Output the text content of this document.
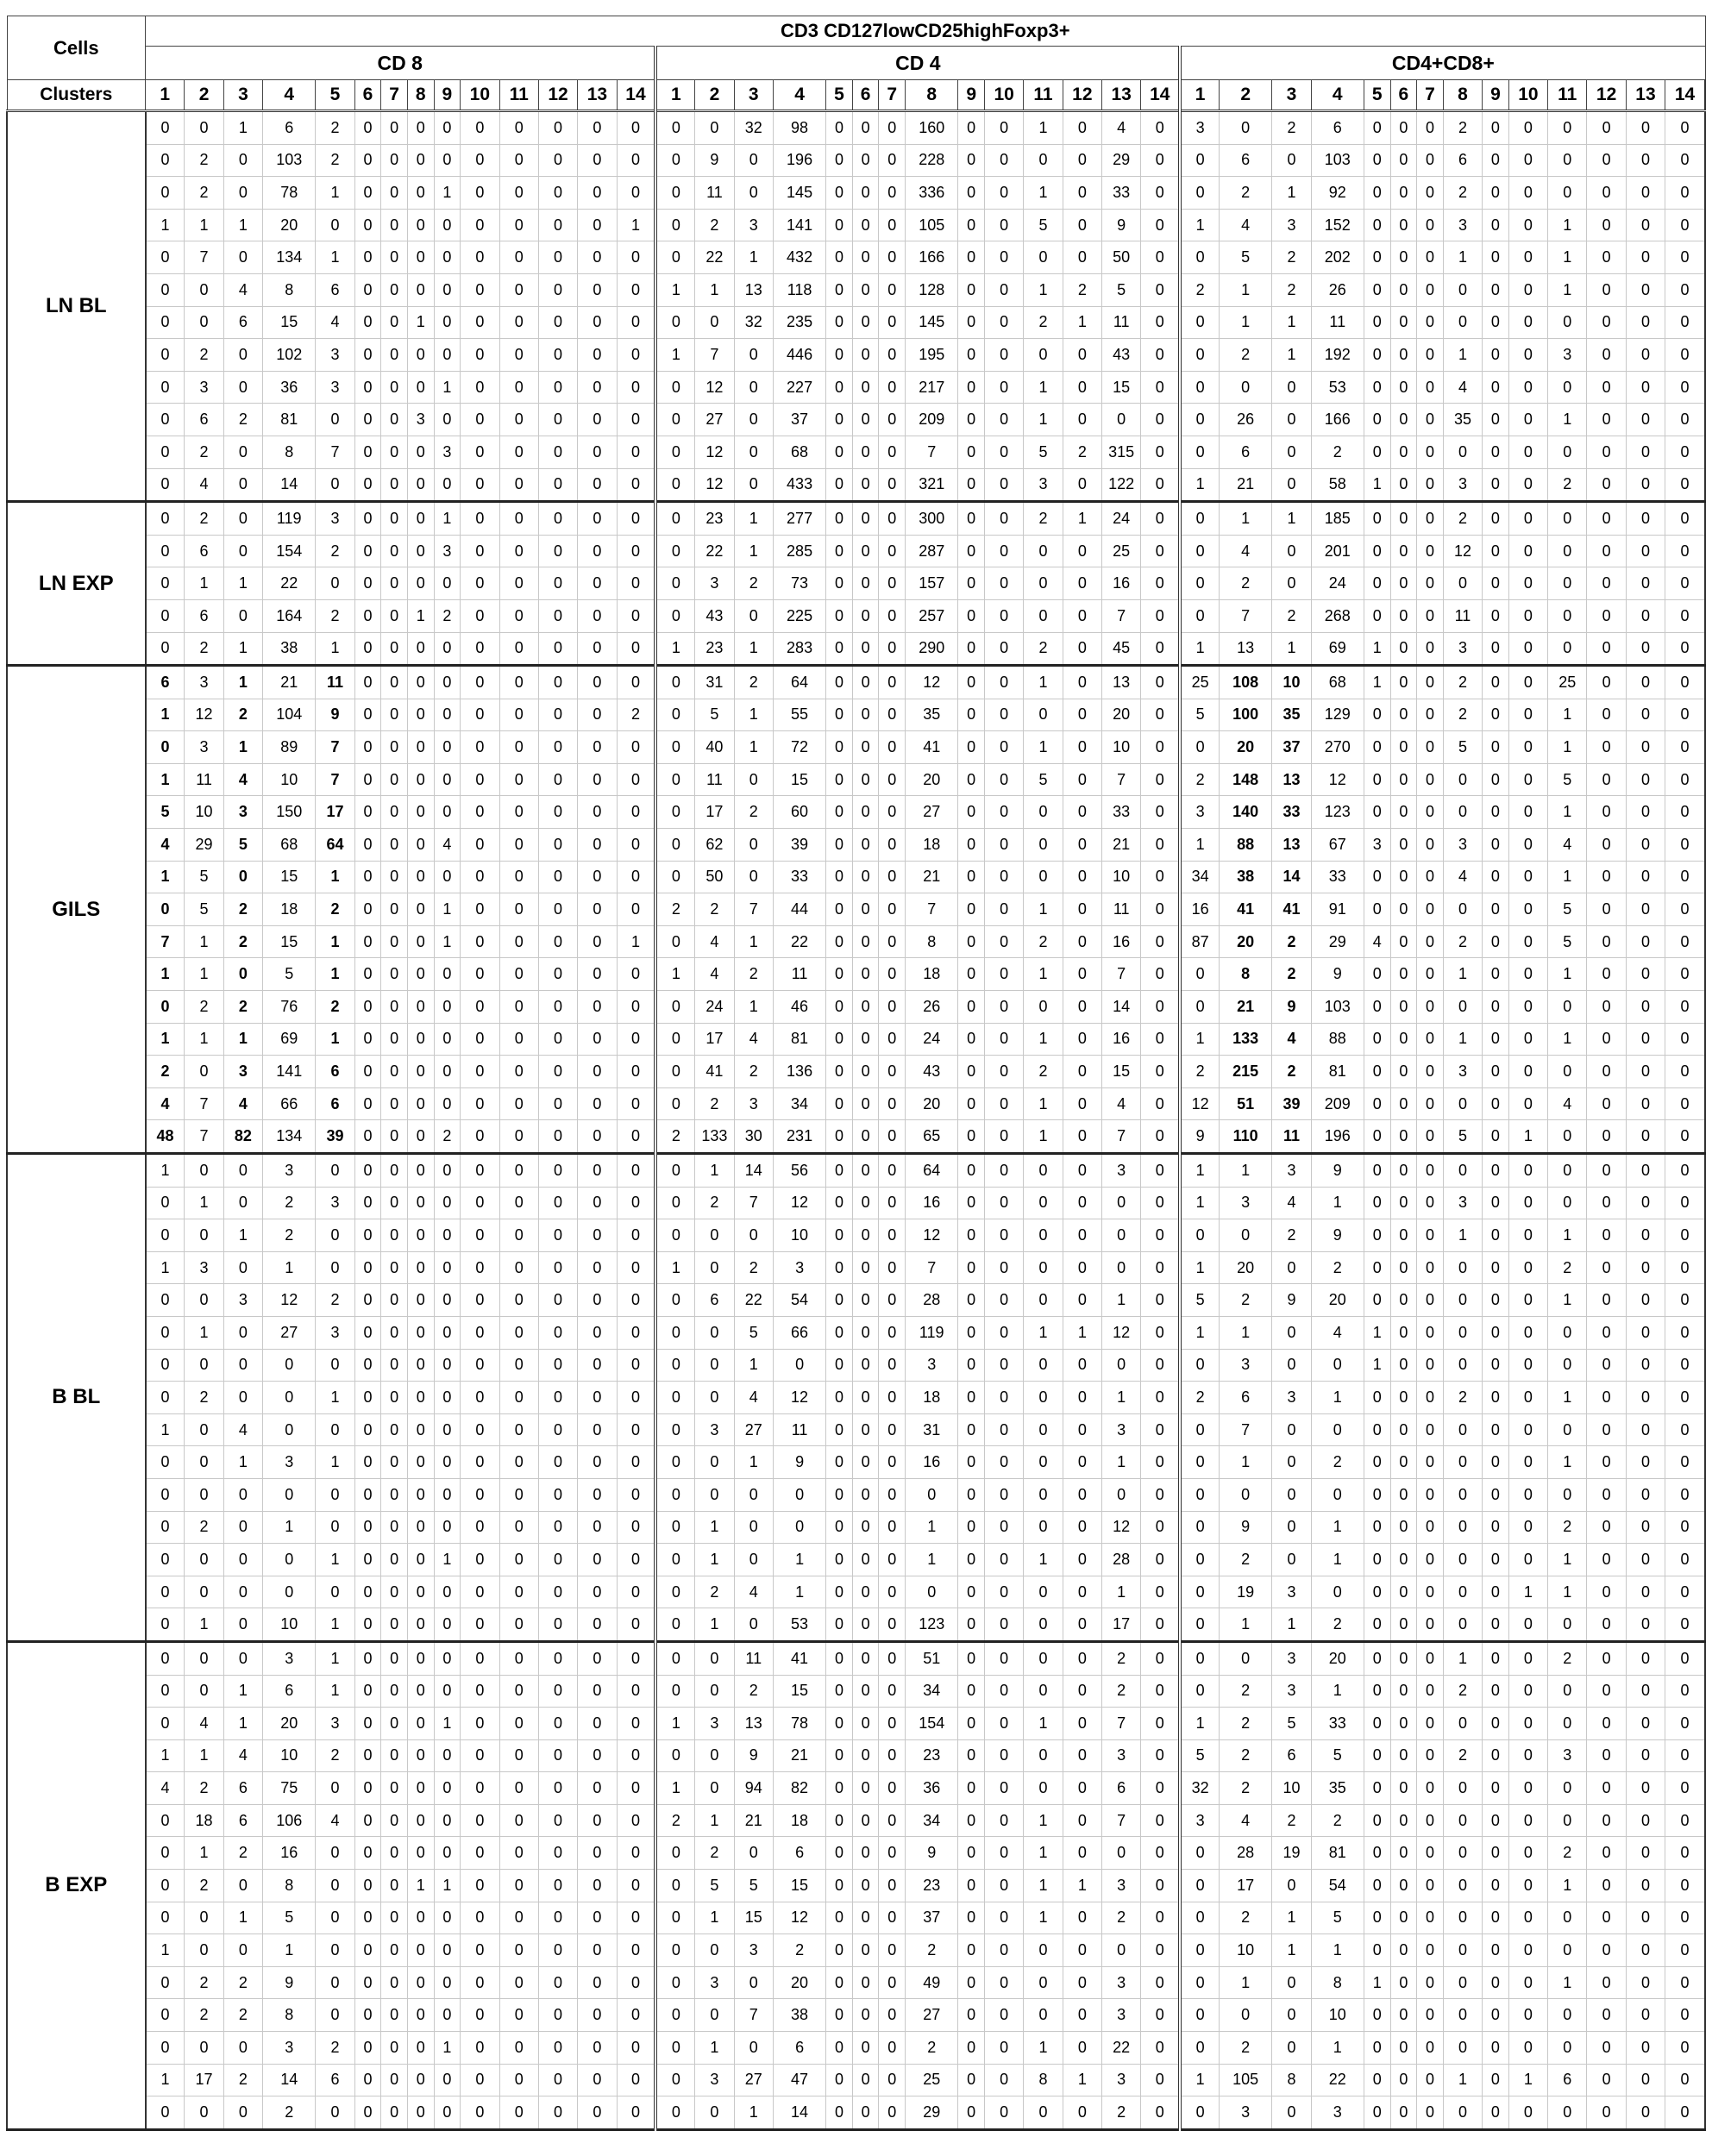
Cells	CD3 CD127lowCD25highFoxp3+																																									
	CD 8														CD 4														CD4+CD8+													
Clusters	1	2	3	4	5	6	7	8	9	10	11	12	13	14	1	2	3	4	5	6	7	8	9	10	11	12	13	14	1	2	3	4	5	6	7	8	9	10	11	12	13	14
LN BL	0	0	1	6	2	0	0	0	0	0	0	0	0	0	0	0	32	98	0	0	0	160	0	0	1	0	4	0	3	0	2	6	0	0	0	2	0	0	0	0	0	0
	0	2	0	103	2	0	0	0	0	0	0	0	0	0	0	9	0	196	0	0	0	228	0	0	0	0	29	0	0	6	0	103	0	0	0	6	0	0	0	0	0	0
	0	2	0	78	1	0	0	0	1	0	0	0	0	0	0	11	0	145	0	0	0	336	0	0	1	0	33	0	0	2	1	92	0	0	0	2	0	0	0	0	0	0
	1	1	1	20	0	0	0	0	0	0	0	0	0	1	0	2	3	141	0	0	0	105	0	0	5	0	9	0	1	4	3	152	0	0	0	3	0	0	1	0	0	0
	0	7	0	134	1	0	0	0	0	0	0	0	0	0	0	22	1	432	0	0	0	166	0	0	0	0	50	0	0	5	2	202	0	0	0	1	0	0	1	0	0	0
	0	0	4	8	6	0	0	0	0	0	0	0	0	0	1	1	13	118	0	0	0	128	0	0	1	2	5	0	2	1	2	26	0	0	0	0	0	0	1	0	0	0
	0	0	6	15	4	0	0	1	0	0	0	0	0	0	0	0	32	235	0	0	0	145	0	0	2	1	11	0	0	1	1	11	0	0	0	0	0	0	0	0	0	0
	0	2	0	102	3	0	0	0	0	0	0	0	0	0	1	7	0	446	0	0	0	195	0	0	0	0	43	0	0	2	1	192	0	0	0	1	0	0	3	0	0	0
	0	3	0	36	3	0	0	0	1	0	0	0	0	0	0	12	0	227	0	0	0	217	0	0	1	0	15	0	0	0	0	53	0	0	0	4	0	0	0	0	0	0
	0	6	2	81	0	0	0	3	0	0	0	0	0	0	0	27	0	37	0	0	0	209	0	0	1	0	0	0	0	26	0	166	0	0	0	35	0	0	1	0	0	0
	0	2	0	8	7	0	0	0	3	0	0	0	0	0	0	12	0	68	0	0	0	7	0	0	5	2	315	0	0	6	0	2	0	0	0	0	0	0	0	0	0	0
	0	4	0	14	0	0	0	0	0	0	0	0	0	0	0	12	0	433	0	0	0	321	0	0	3	0	122	0	1	21	0	58	1	0	0	3	0	0	2	0	0	0
LN EXP	0	2	0	119	3	0	0	0	1	0	0	0	0	0	0	23	1	277	0	0	0	300	0	0	2	1	24	0	0	1	1	185	0	0	0	2	0	0	0	0	0	0
	0	6	0	154	2	0	0	0	3	0	0	0	0	0	0	22	1	285	0	0	0	287	0	0	0	0	25	0	0	4	0	201	0	0	0	12	0	0	0	0	0	0
	0	1	1	22	0	0	0	0	0	0	0	0	0	0	0	3	2	73	0	0	0	157	0	0	0	0	16	0	0	2	0	24	0	0	0	0	0	0	0	0	0	0
	0	6	0	164	2	0	0	1	2	0	0	0	0	0	0	43	0	225	0	0	0	257	0	0	0	0	7	0	0	7	2	268	0	0	0	11	0	0	0	0	0	0
	0	2	1	38	1	0	0	0	0	0	0	0	0	0	1	23	1	283	0	0	0	290	0	0	2	0	45	0	1	13	1	69	1	0	0	3	0	0	0	0	0	0
GILS	6	3	1	21	11	0	0	0	0	0	0	0	0	0	0	31	2	64	0	0	0	12	0	0	1	0	13	0	25	108	10	68	1	0	0	2	0	0	25	0	0	0
	1	12	2	104	9	0	0	0	0	0	0	0	0	2	0	5	1	55	0	0	0	35	0	0	0	0	20	0	5	100	35	129	0	0	0	2	0	0	1	0	0	0
	0	3	1	89	7	0	0	0	0	0	0	0	0	0	0	40	1	72	0	0	0	41	0	0	1	0	10	0	0	20	37	270	0	0	0	5	0	0	1	0	0	0
	1	11	4	10	7	0	0	0	0	0	0	0	0	0	0	11	0	15	0	0	0	20	0	0	5	0	7	0	2	148	13	12	0	0	0	0	0	0	5	0	0	0
	5	10	3	150	17	0	0	0	0	0	0	0	0	0	0	17	2	60	0	0	0	27	0	0	0	0	33	0	3	140	33	123	0	0	0	0	0	0	1	0	0	0
	4	29	5	68	64	0	0	0	4	0	0	0	0	0	0	62	0	39	0	0	0	18	0	0	0	0	21	0	1	88	13	67	3	0	0	3	0	0	4	0	0	0
	1	5	0	15	1	0	0	0	0	0	0	0	0	0	0	50	0	33	0	0	0	21	0	0	0	0	10	0	34	38	14	33	0	0	0	4	0	0	1	0	0	0
	0	5	2	18	2	0	0	0	1	0	0	0	0	0	2	2	7	44	0	0	0	7	0	0	1	0	11	0	16	41	41	91	0	0	0	0	0	0	5	0	0	0
	7	1	2	15	1	0	0	0	1	0	0	0	0	1	0	4	1	22	0	0	0	8	0	0	2	0	16	0	87	20	2	29	4	0	0	2	0	0	5	0	0	0
	1	1	0	5	1	0	0	0	0	0	0	0	0	0	1	4	2	11	0	0	0	18	0	0	1	0	7	0	0	8	2	9	0	0	0	1	0	0	1	0	0	0
	0	2	2	76	2	0	0	0	0	0	0	0	0	0	0	24	1	46	0	0	0	26	0	0	0	0	14	0	0	21	9	103	0	0	0	0	0	0	0	0	0	0
	1	1	1	69	1	0	0	0	0	0	0	0	0	0	0	17	4	81	0	0	0	24	0	0	1	0	16	0	1	133	4	88	0	0	0	1	0	0	1	0	0	0
	2	0	3	141	6	0	0	0	0	0	0	0	0	0	0	41	2	136	0	0	0	43	0	0	2	0	15	0	2	215	2	81	0	0	0	3	0	0	0	0	0	0
	4	7	4	66	6	0	0	0	0	0	0	0	0	0	0	2	3	34	0	0	0	20	0	0	1	0	4	0	12	51	39	209	0	0	0	0	0	0	4	0	0	0
	48	7	82	134	39	0	0	0	2	0	0	0	0	0	2	133	30	231	0	0	0	65	0	0	1	0	7	0	9	110	11	196	0	0	0	5	0	1	0	0	0	0
B BL	1	0	0	3	0	0	0	0	0	0	0	0	0	0	0	1	14	56	0	0	0	64	0	0	0	0	3	0	1	1	3	9	0	0	0	0	0	0	0	0	0	0
	0	1	0	2	3	0	0	0	0	0	0	0	0	0	0	2	7	12	0	0	0	16	0	0	0	0	0	0	1	3	4	1	0	0	0	3	0	0	0	0	0	0
	0	0	1	2	0	0	0	0	0	0	0	0	0	0	0	0	0	10	0	0	0	12	0	0	0	0	0	0	0	0	2	9	0	0	0	1	0	0	1	0	0	0
	1	3	0	1	0	0	0	0	0	0	0	0	0	0	1	0	2	3	0	0	0	7	0	0	0	0	0	0	1	20	0	2	0	0	0	0	0	0	2	0	0	0
	0	0	3	12	2	0	0	0	0	0	0	0	0	0	0	6	22	54	0	0	0	28	0	0	0	0	1	0	5	2	9	20	0	0	0	0	0	0	1	0	0	0
	0	1	0	27	3	0	0	0	0	0	0	0	0	0	0	0	5	66	0	0	0	119	0	0	1	1	12	0	1	1	0	4	1	0	0	0	0	0	0	0	0	0
	0	0	0	0	0	0	0	0	0	0	0	0	0	0	0	0	1	0	0	0	0	3	0	0	0	0	0	0	0	3	0	0	1	0	0	0	0	0	0	0	0	0
	0	2	0	0	1	0	0	0	0	0	0	0	0	0	0	0	4	12	0	0	0	18	0	0	0	0	1	0	2	6	3	1	0	0	0	2	0	0	1	0	0	0
	1	0	4	0	0	0	0	0	0	0	0	0	0	0	0	3	27	11	0	0	0	31	0	0	0	0	3	0	0	7	0	0	0	0	0	0	0	0	0	0	0	0
	0	0	1	3	1	0	0	0	0	0	0	0	0	0	0	0	1	9	0	0	0	16	0	0	0	0	1	0	0	1	0	2	0	0	0	0	0	0	1	0	0	0
	0	0	0	0	0	0	0	0	0	0	0	0	0	0	0	0	0	0	0	0	0	0	0	0	0	0	0	0	0	0	0	0	0	0	0	0	0	0	0	0	0	0
	0	2	0	1	0	0	0	0	0	0	0	0	0	0	0	1	0	0	0	0	0	1	0	0	0	0	12	0	0	9	0	1	0	0	0	0	0	0	2	0	0	0
	0	0	0	0	1	0	0	0	1	0	0	0	0	0	0	1	0	1	0	0	0	1	0	0	1	0	28	0	0	2	0	1	0	0	0	0	0	0	1	0	0	0
	0	0	0	0	0	0	0	0	0	0	0	0	0	0	0	2	4	1	0	0	0	0	0	0	0	0	1	0	0	19	3	0	0	0	0	0	0	1	1	0	0	0
	0	1	0	10	1	0	0	0	0	0	0	0	0	0	0	1	0	53	0	0	0	123	0	0	0	0	17	0	0	1	1	2	0	0	0	0	0	0	0	0	0	0
B EXP	0	0	0	3	1	0	0	0	0	0	0	0	0	0	0	0	11	41	0	0	0	51	0	0	0	0	2	0	0	0	3	20	0	0	0	1	0	0	2	0	0	0
	0	0	1	6	1	0	0	0	0	0	0	0	0	0	0	0	2	15	0	0	0	34	0	0	0	0	2	0	0	2	3	1	0	0	0	2	0	0	0	0	0	0
	0	4	1	20	3	0	0	0	1	0	0	0	0	0	1	3	13	78	0	0	0	154	0	0	1	0	7	0	1	2	5	33	0	0	0	0	0	0	0	0	0	0
	1	1	4	10	2	0	0	0	0	0	0	0	0	0	0	0	9	21	0	0	0	23	0	0	0	0	3	0	5	2	6	5	0	0	0	2	0	0	3	0	0	0
	4	2	6	75	0	0	0	0	0	0	0	0	0	0	1	0	94	82	0	0	0	36	0	0	0	0	6	0	32	2	10	35	0	0	0	0	0	0	0	0	0	0
	0	18	6	106	4	0	0	0	0	0	0	0	0	0	2	1	21	18	0	0	0	34	0	0	1	0	7	0	3	4	2	2	0	0	0	0	0	0	0	0	0	0
	0	1	2	16	0	0	0	0	0	0	0	0	0	0	0	2	0	6	0	0	0	9	0	0	1	0	0	0	0	28	19	81	0	0	0	0	0	0	2	0	0	0
	0	2	0	8	0	0	0	1	1	0	0	0	0	0	0	5	5	15	0	0	0	23	0	0	1	1	3	0	0	17	0	54	0	0	0	0	0	0	1	0	0	0
	0	0	1	5	0	0	0	0	0	0	0	0	0	0	0	1	15	12	0	0	0	37	0	0	1	0	2	0	0	2	1	5	0	0	0	0	0	0	0	0	0	0
	1	0	0	1	0	0	0	0	0	0	0	0	0	0	0	0	3	2	0	0	0	2	0	0	0	0	0	0	0	10	1	1	0	0	0	0	0	0	0	0	0	0
	0	2	2	9	0	0	0	0	0	0	0	0	0	0	0	3	0	20	0	0	0	49	0	0	0	0	3	0	0	1	0	8	1	0	0	0	0	0	1	0	0	0
	0	2	2	8	0	0	0	0	0	0	0	0	0	0	0	0	7	38	0	0	0	27	0	0	0	0	3	0	0	0	0	10	0	0	0	0	0	0	0	0	0	0
	0	0	0	3	2	0	0	0	1	0	0	0	0	0	0	1	0	6	0	0	0	2	0	0	1	0	22	0	0	2	0	1	0	0	0	0	0	0	0	0	0	0
	1	17	2	14	6	0	0	0	0	0	0	0	0	0	0	3	27	47	0	0	0	25	0	0	8	1	3	0	1	105	8	22	0	0	0	1	0	1	6	0	0	0
	0	0	0	2	0	0	0	0	0	0	0	0	0	0	0	0	1	14	0	0	0	29	0	0	0	0	2	0	0	3	0	3	0	0	0	0	0	0	0	0	0	0
